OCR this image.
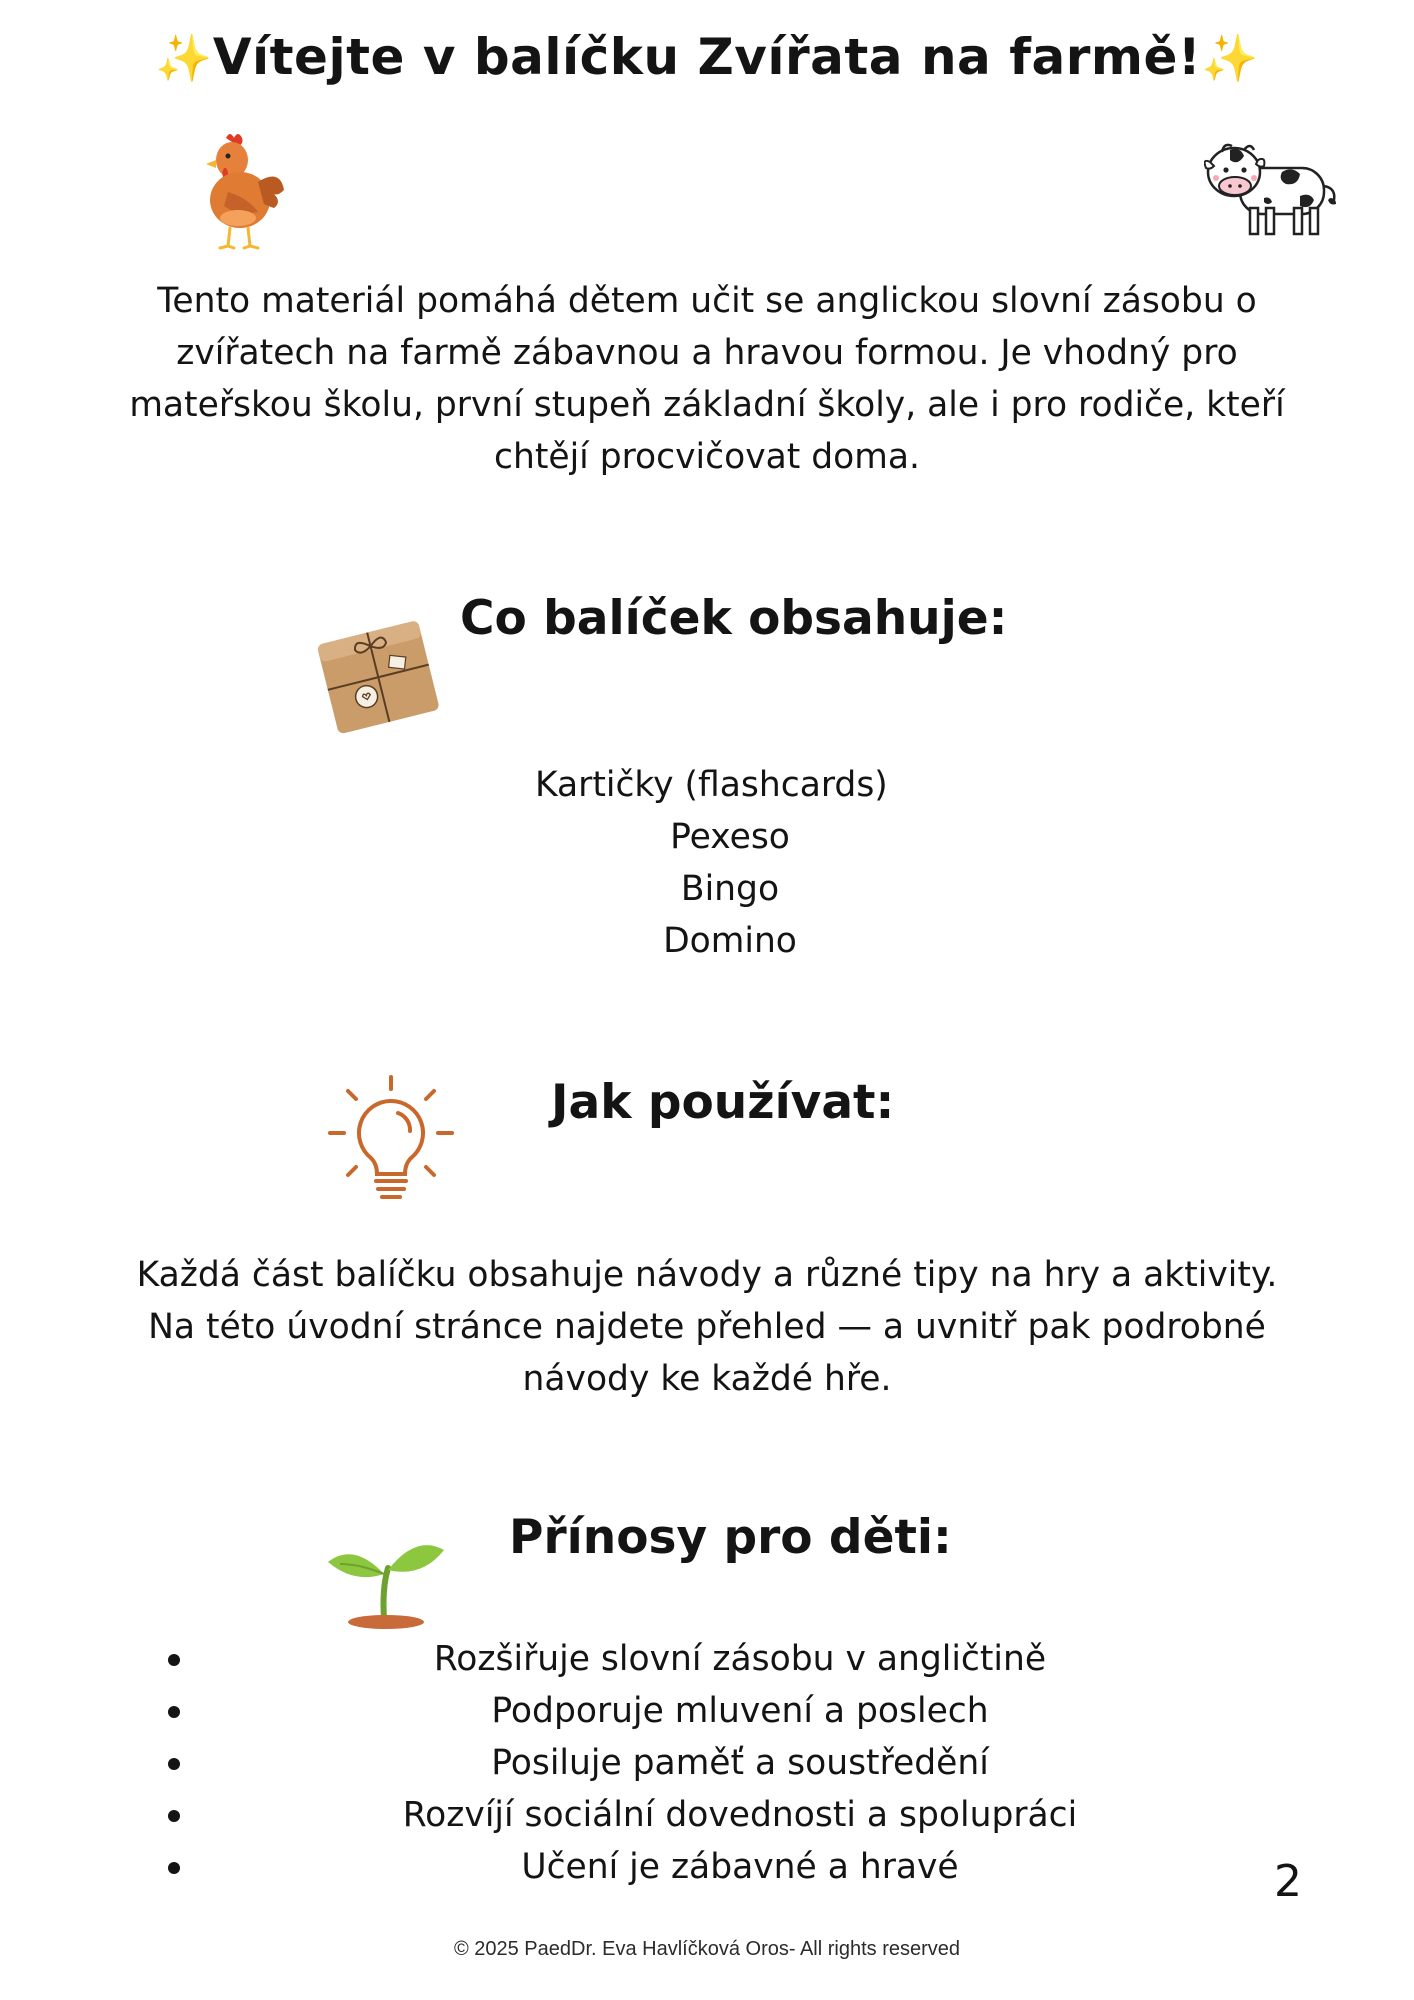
✨Vítejte v balíčku Zvířata na farmě!✨
Tento materiál pomáhá dětem učit se anglickou slovní zásobu o zvířatech na farmě zábavnou a hravou formou. Je vhodný pro mateřskou školu, první stupeň základní školy, ale i pro rodiče, kteří chtějí procvičovat doma.
Co balíček obsahuje:
Kartičky (flashcards)
Pexeso
Bingo
Domino
Jak používat:
Každá část balíčku obsahuje návody a různé tipy na hry a aktivity. Na této úvodní stránce najdete přehled — a uvnitř pak podrobné návody ke každé hře.
Přínosy pro děti:
Rozšiřuje slovní zásobu v angličtině
Podporuje mluvení a poslech
Posiluje paměť a soustředění
Rozvíjí sociální dovednosti a spolupráci
Učení je zábavné a hravé	2
© 2025 PaedDr. Eva Havlíčková Oros- All rights reserved
